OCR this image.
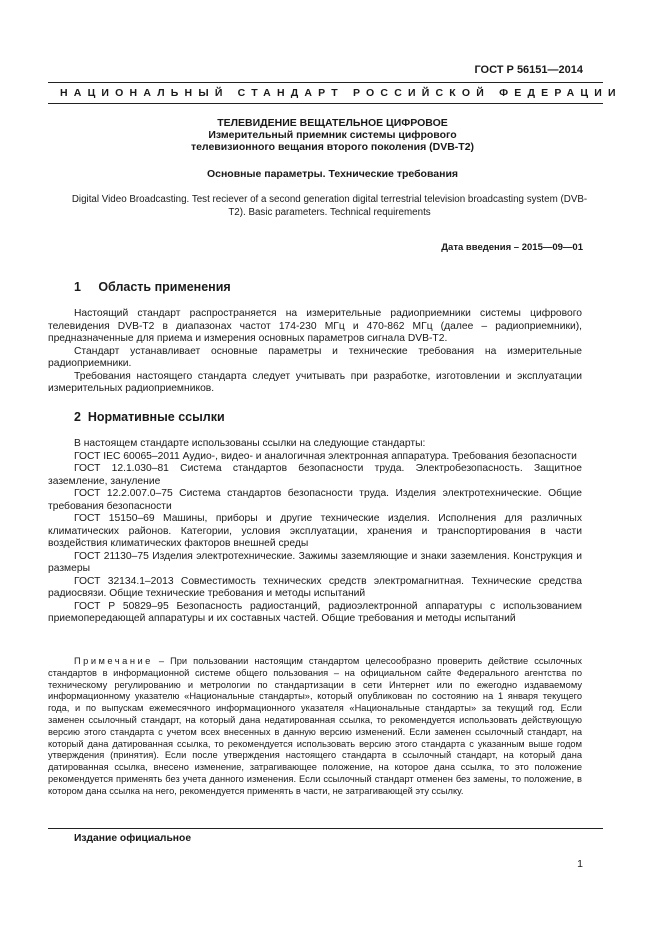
ГОСТ Р 56151—2014
НАЦИОНАЛЬНЫЙ СТАНДАРТ РОССИЙСКОЙ ФЕДЕРАЦИИ
ТЕЛЕВИДЕНИЕ ВЕЩАТЕЛЬНОЕ ЦИФРОВОЕ
Измерительный приемник системы цифрового
телевизионного вещания второго поколения (DVB-T2)
Основные параметры. Технические требования
Digital Video Broadcasting. Test reciever of a second generation digital terrestrial television broadcasting system (DVB-
T2). Basic parameters. Technical requirements
Дата введения – 2015—09—01
1     Область применения

Настоящий стандарт распространяется на измерительные радиоприемники системы цифрового телевидения DVB-T2 в диапазонах частот 174-230 МГц и 470-862 МГц (далее – радиоприемники), предназначенные для приема и измерения основных параметров сигнала DVB-T2.

Стандарт устанавливает основные параметры и технические требования на измерительные радиоприемники.

Требования настоящего стандарта следует учитывать при разработке, изготовлении и эксплуатации измерительных радиоприемников.

2  Нормативные ссылки

В настоящем стандарте использованы ссылки на следующие стандарты:

ГОСТ IEC 60065–2011 Аудио-, видео- и аналогичная электронная аппаратура. Требования безопасности

ГОСТ 12.1.030–81 Система стандартов безопасности труда. Электробезопасность. Защитное заземление, зануление

ГОСТ 12.2.007.0–75 Система стандартов безопасности труда. Изделия электротехнические. Общие требования безопасности

ГОСТ 15150–69 Машины, приборы и другие технические изделия. Исполнения для различных климатических районов. Категории, условия эксплуатации, хранения и транспортирования в части воздействия климатических факторов внешней среды

ГОСТ 21130–75 Изделия электротехнические. Зажимы заземляющие и знаки заземления. Конструкция и размеры

ГОСТ 32134.1–2013 Совместимость технических средств электромагнитная. Технические средства радиосвязи. Общие технические требования и методы испытаний

ГОСТ Р 50829–95 Безопасность радиостанций, радиоэлектронной аппаратуры с использованием приемопередающей аппаратуры и их составных частей. Общие требования и методы испытаний

Примечание – При пользовании настоящим стандартом целесообразно проверить действие ссылочных стандартов в информационной системе общего пользования – на официальном сайте Федерального агентства по техническому регулированию и метрологии по стандартизации в сети Интернет или по ежегодно издаваемому информационному указателю «Национальные стандарты», который опубликован по состоянию на 1 января текущего года, и по выпускам ежемесячного информационного указателя «Национальные стандарты» за текущий год. Если заменен ссылочный стандарт, на который дана недатированная ссылка, то рекомендуется использовать действующую версию этого стандарта с учетом всех внесенных в данную версию изменений. Если заменен ссылочный стандарт, на который дана датированная ссылка, то рекомендуется использовать версию этого стандарта с указанным выше годом утверждения (принятия). Если после утверждения настоящего стандарта в ссылочный стандарт, на который дана датированная ссылка, внесено изменение, затрагивающее положение, на которое дана ссылка, то это положение рекомендуется применять без учета данного изменения. Если ссылочный стандарт отменен без замены, то положение, в котором дана ссылка на него, рекомендуется применять в части, не затрагивающей эту ссылку.
Издание официальное
1
